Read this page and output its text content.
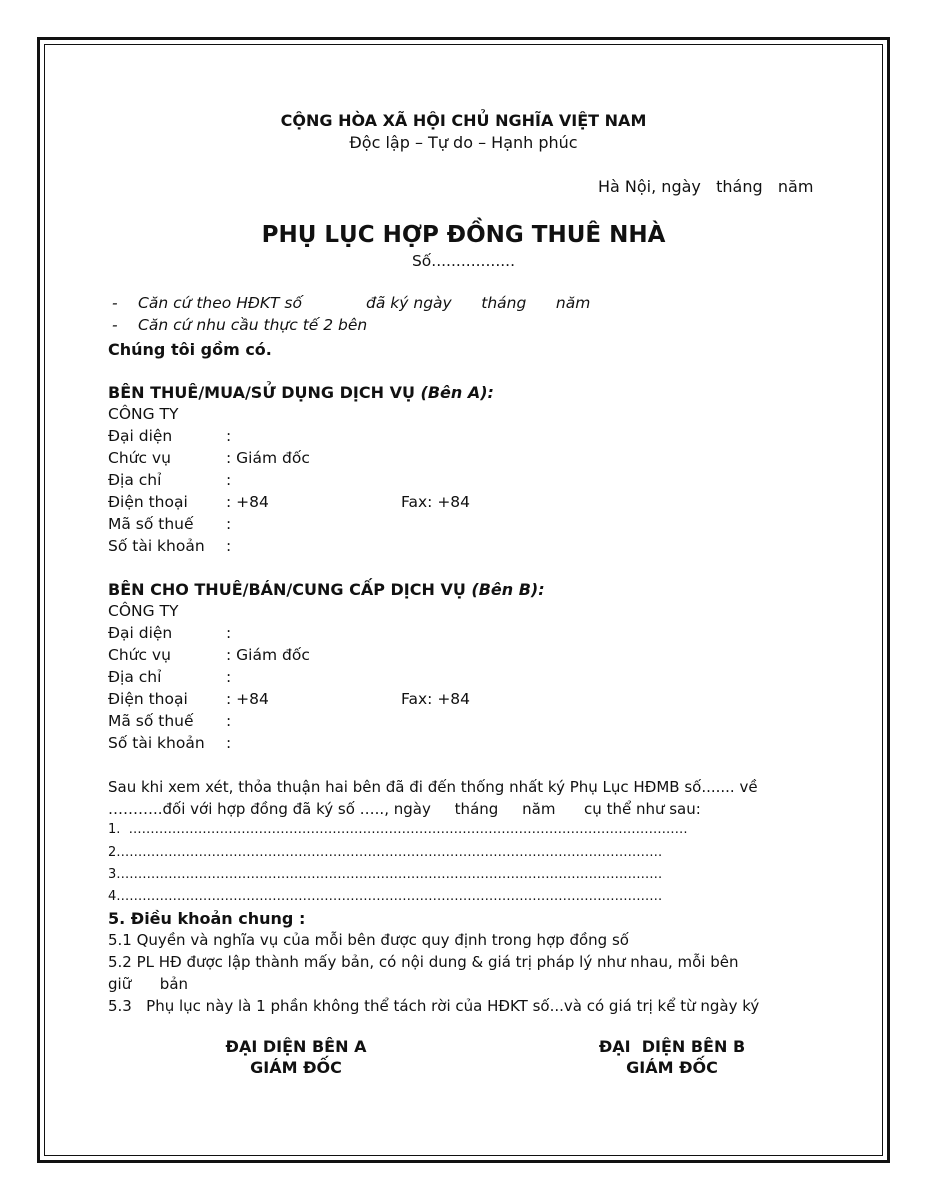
CỘNG HÒA XÃ HỘI CHỦ NGHĨA VIỆT NAM
Độc lập – Tự do – Hạnh phúc
Hà Nội, ngày   tháng   năm
PHỤ LỤC HỢP ĐỒNG THUÊ NHÀ
Số.................
- Căn cứ theo HĐKT số             đã ký ngày      tháng      năm
- Căn cứ nhu cầu thực tế 2 bên
Chúng tôi gồm có.
BÊN THUÊ/MUA/SỬ DỤNG DỊCH VỤ (Bên A):
CÔNG TY
Đại diện	:
Chức vụ	: Giám đốc
Địa chỉ	:
Điện thoại : +84	Fax: +84
Mã số thuế :
Số tài khoản :
BÊN CHO THUÊ/BÁN/CUNG CẤP DỊCH VỤ (Bên B):
CÔNG TY
Đại diện	:
Chức vụ	: Giám đốc
Địa chỉ	:
Điện thoại : +84	Fax: +84
Mã số thuế :
Số tài khoản :
Sau khi xem xét, thỏa thuận hai bên đã đi đến thống nhất ký Phụ Lục HĐMB số....... về
………..đối với hợp đồng đã ký số ….., ngày     tháng     năm      cụ thể như sau:
1.  …………………………………………………………………………………………………………………
2………………………………………………………………………………………………………………
3………………………………………………………………………………………………………………
4………………………………………………………………………………………………………………
5. Điều khoản chung :
5.1 Quyền và nghĩa vụ của mỗi bên được quy định trong hợp đồng số
5.2 PL HĐ được lập thành mấy bản, có nội dung & giá trị pháp lý như nhau, mỗi bên
giữ      bản
5.3   Phụ lục này là 1 phần không thể tách rời của HĐKT số...và có giá trị kể từ ngày ký
ĐẠI DIỆN BÊN A
GIÁM ĐỐC
ĐẠI  DIỆN BÊN B
GIÁM ĐỐC
